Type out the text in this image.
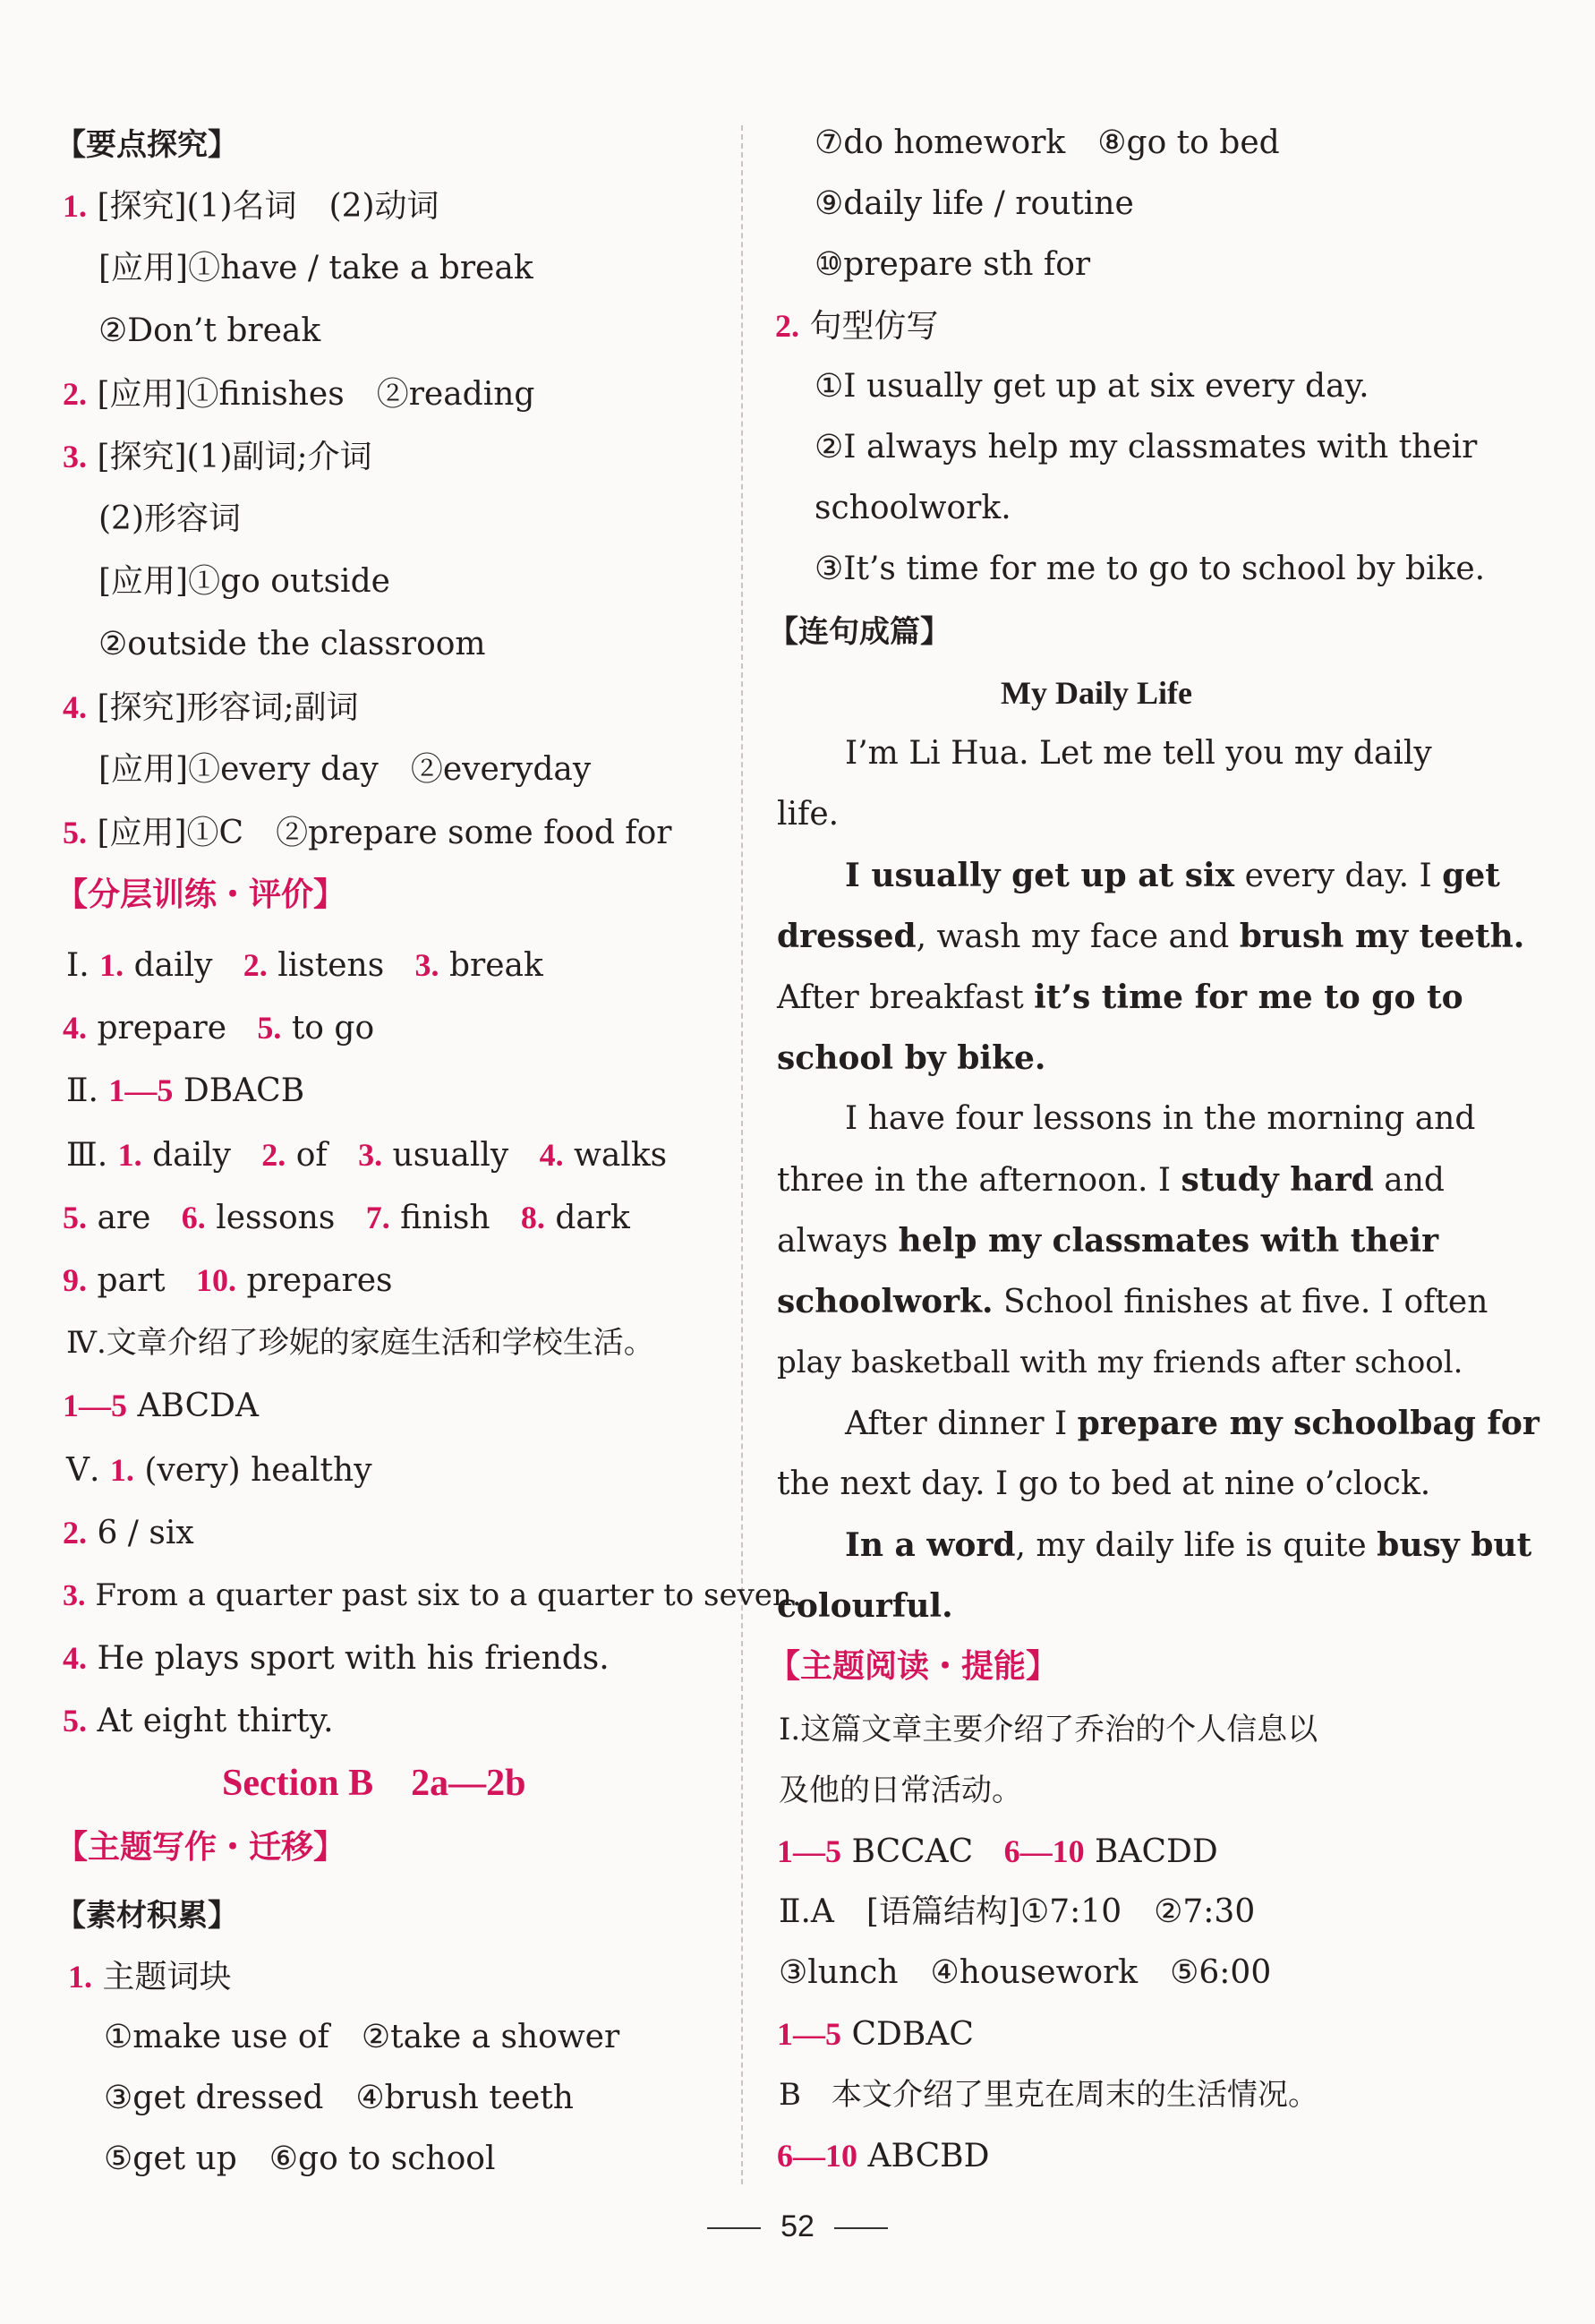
【要点探究】
1. [探究](1)名词　(2)动词
[应用]①have / take a break
②Don’t break
2. [应用]①finishes　②reading
3. [探究](1)副词;介词
(2)形容词
[应用]①go outside
②outside the classroom
4. [探究]形容词;副词
[应用]①every day　②everyday
5. [应用]①C　②prepare some food for
【分层训练・评价】
Ⅰ. 1. daily 2. listens 3. break
4. prepare 5. to go
Ⅱ. 1—5 DBACB
Ⅲ. 1. daily 2. of 3. usually 4. walks
5. are 6. lessons 7. finish 8. dark
9. part 10. prepares
Ⅳ.文章介绍了珍妮的家庭生活和学校生活。
1—5 ABCDA
Ⅴ. 1. (very) healthy
2. 6 / six
3. From a quarter past six to a quarter to seven.
4. He plays sport with his friends.
5. At eight thirty.
Section B　2a—2b
【主题写作・迁移】
【素材积累】
1. 主题词块
①make use of　②take a shower
③get dressed　④brush teeth
⑤get up　⑥go to school
⑦do homework　⑧go to bed
⑨daily life / routine
⑩prepare sth for
2. 句型仿写
①I usually get up at six every day.
②I always help my classmates with their
schoolwork.
③It’s time for me to go to school by bike.
【连句成篇】
My Daily Life
I’m Li Hua. Let me tell you my daily
life.
I usually get up at six every day. I get
dressed, wash my face and brush my teeth.
After breakfast it’s time for me to go to
school by bike.
I have four lessons in the morning and
three in the afternoon. I study hard and
always help my classmates with their
schoolwork. School finishes at five. I often
play basketball with my friends after school.
After dinner I prepare my schoolbag for
the next day. I go to bed at nine o’clock.
In a word, my daily life is quite busy but
colourful.
【主题阅读・提能】
Ⅰ.这篇文章主要介绍了乔治的个人信息以
及他的日常活动。
1—5 BCCAC 6—10 BACDD
Ⅱ.A　[语篇结构]①7:10　②7:30
③lunch　④housework　⑤6:00
1—5 CDBAC
B　本文介绍了里克在周末的生活情况。
6—10 ABCBD
52
